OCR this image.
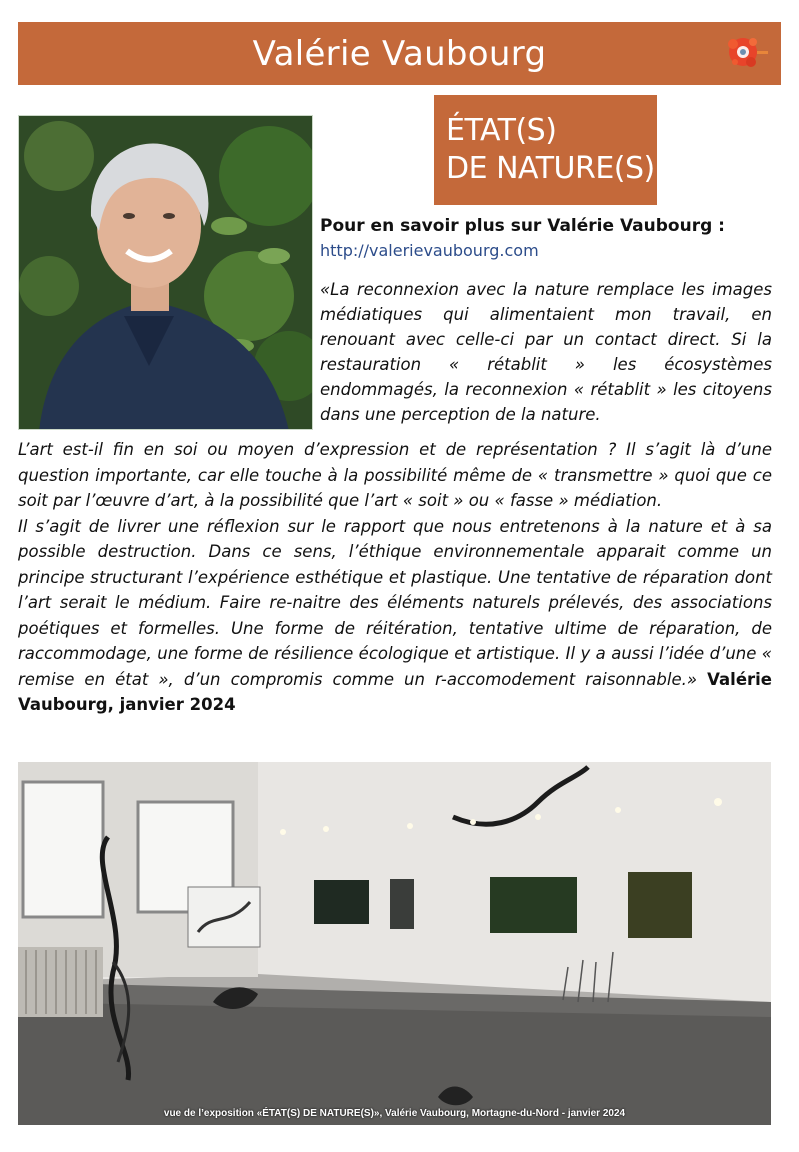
Valérie Vaubourg
ÉTAT(S)
DE NATURE(S)
Pour en savoir plus sur Valérie Vaubourg :
http://valerievaubourg.com
«La reconnexion avec la nature remplace les images médiatiques qui alimentaient mon travail, en renouant avec celle-ci par un contact direct. Si la restauration « rétablit » les écosystèmes endommagés, la reconnexion « rétablit » les citoyens dans une perception de la nature.

L’art est-il fin en soi ou moyen d’expression et de représentation ? Il s’agit là d’une question importante, car elle touche à la possibilité même de « transmettre » quoi que ce soit par l’œuvre d’art, à la possibilité que l’art « soit » ou « fasse » médiation.

Il s’agit de livrer une réflexion sur le rapport que nous entretenons à la nature et à sa possible destruction. Dans ce sens, l’éthique environnementale apparait comme un principe structurant l’expérience esthétique et plastique. Une tentative de réparation dont l’art serait le médium. Faire re-naitre des éléments naturels prélevés, des associations poétiques et formelles. Une forme de réitération, tentative ultime de réparation, de raccommodage, une forme de résilience écologique et artistique. Il y a aussi l’idée d’une « remise en état », d’un compromis comme un r-accomodement raisonnable.» Valérie Vaubourg, janvier 2024

vue de l’exposition «ÉTAT(S) DE NATURE(S)», Valérie Vaubourg, Mortagne-du-Nord - janvier 2024
